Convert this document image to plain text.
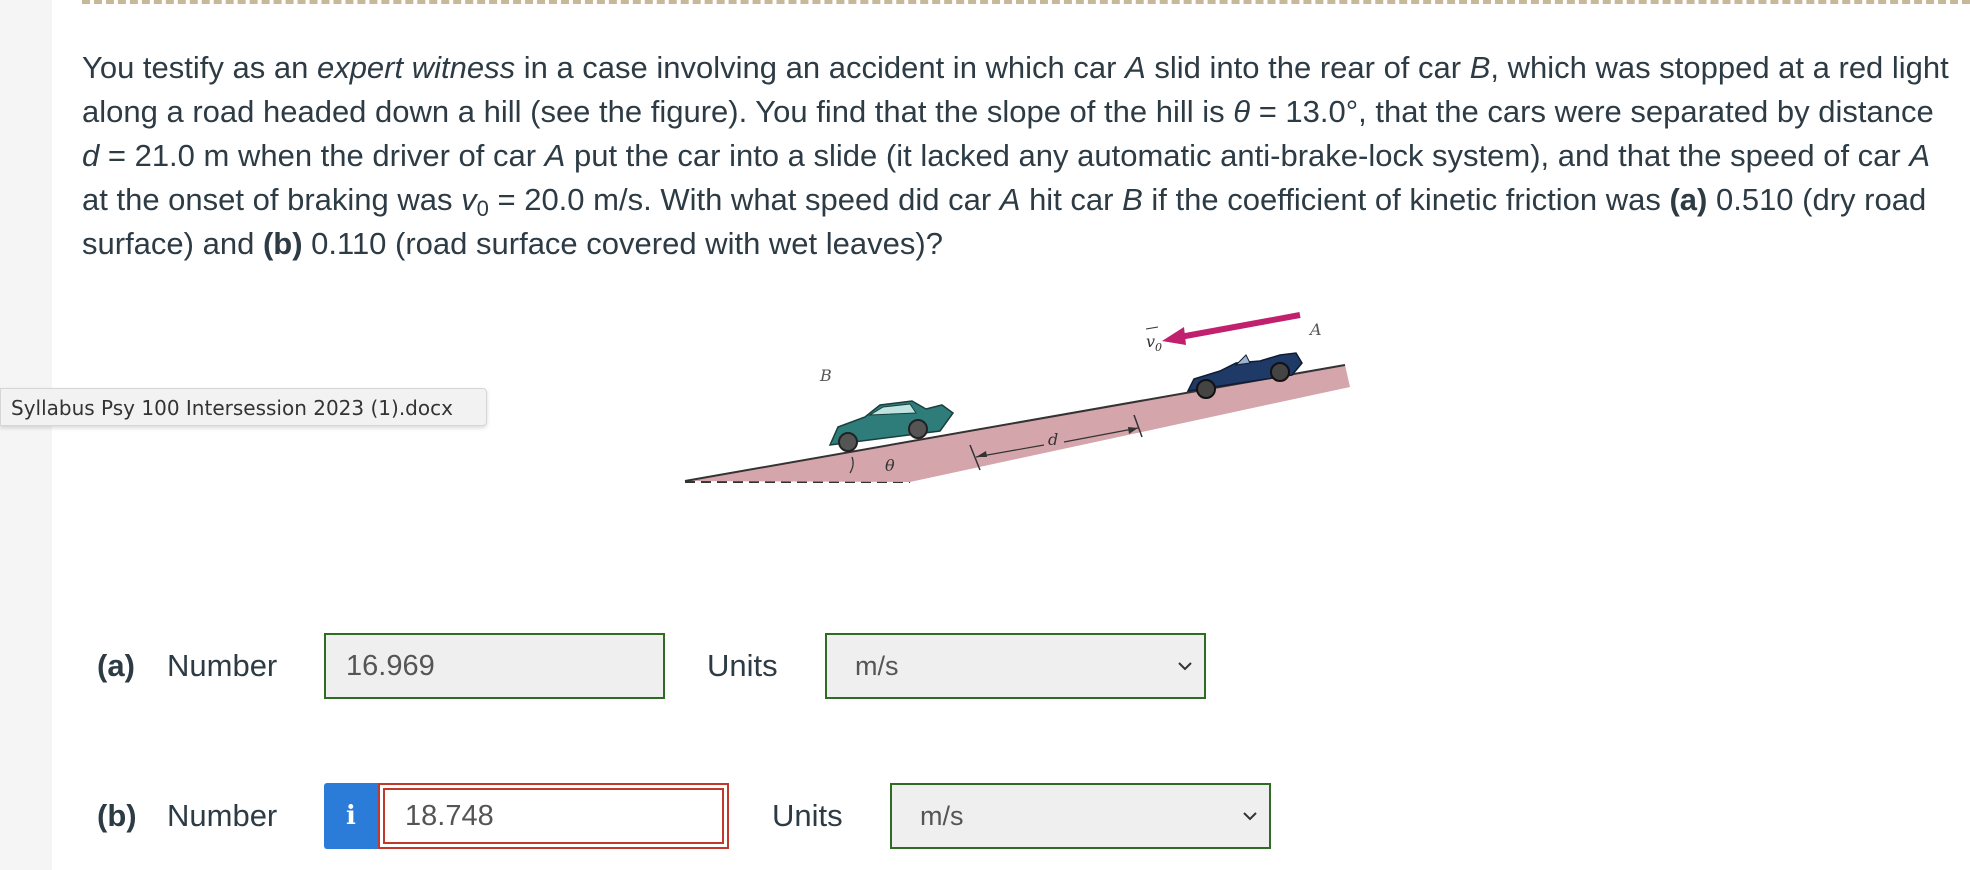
You testify as an expert witness in a case involving an accident in which car A slid into the rear of car B, which was stopped at a red light along a road headed down a hill (see the figure). You find that the slope of the hill is θ = 13.0°, that the cars were separated by distance d = 21.0 m when the driver of car A put the car into a slide (it lacked any automatic anti-brake-lock system), and that the speed of car A at the onset of braking was $v_0 = 20.0$ m/s. With what speed did car A hit car B if the coefficient of kinetic friction was (a) 0.510 (dry road surface) and (b) 0.110 (road surface covered with wet leaves)?
Syllabus Psy 100 Intersession 2023 (1).docx
θ
B
d
A
$v_0$
(a) Number	16.969	Units	m/s
(b) Number	i	18.748	Units	m/s
